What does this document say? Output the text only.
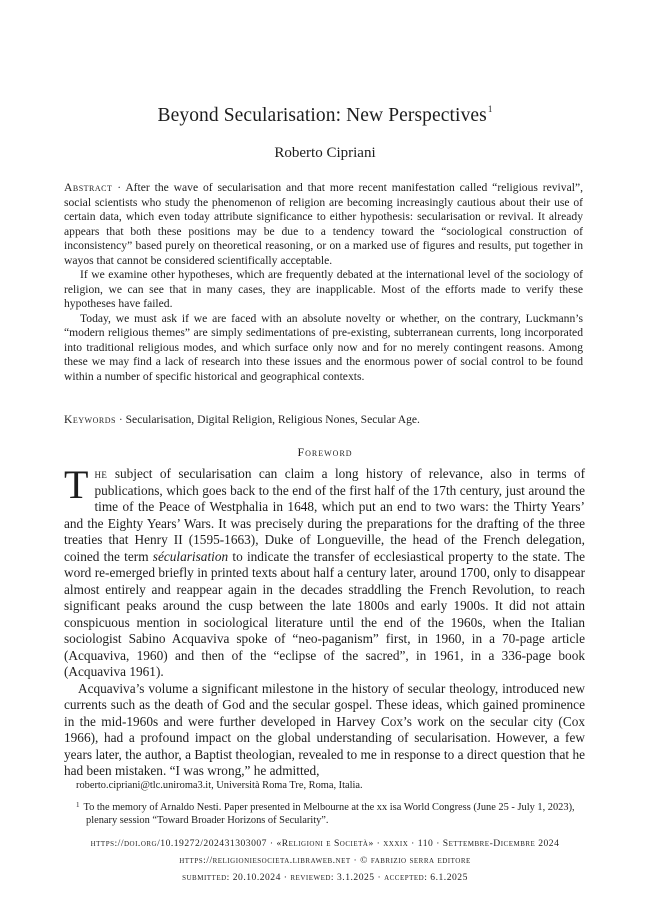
Beyond Secularisation: New Perspectives$^1$
Roberto Cipriani

Abstract · After the wave of secularisation and that more recent manifestation called “religious revival”, social scientists who study the phenomenon of religion are becoming increasingly cautious about their use of certain data, which even today attribute significance to either hypothesis: secularisation or revival. It already appears that both these positions may be due to a tendency toward the “sociological construction of inconsistency” based purely on theoretical reasoning, or on a marked use of figures and results, put together in wayos that cannot be considered scientifically acceptable.

If we examine other hypotheses, which are frequently debated at the international level of the sociology of religion, we can see that in many cases, they are inapplicable. Most of the efforts made to verify these hypotheses have failed.

Today, we must ask if we are faced with an absolute novelty or whether, on the contrary, Luckmann’s “modern religious themes” are simply sedimentations of pre-existing, subterranean currents, long incorporated into traditional religious modes, and which surface only now and for no merely contingent reasons. Among these we may find a lack of research into these issues and the enormous power of social control to be found within a number of specific historical and geographical contexts.

Keywords · Secularisation, Digital Religion, Religious Nones, Secular Age.
Foreword

The subject of secularisation can claim a long history of relevance, also in terms of publications, which goes back to the end of the first half of the 17th century, just around the time of the Peace of Westphalia in 1648, which put an end to two wars: the Thirty Years’ and the Eighty Years’ Wars. It was precisely during the preparations for the drafting of the three treaties that Henry II (1595-1663), Duke of Longueville, the head of the French delegation, coined the term sécularisation to indicate the transfer of ecclesiastical property to the state. The word re-emerged briefly in printed texts about half a century later, around 1700, only to disappear almost entirely and reappear again in the decades straddling the French Revolution, to reach significant peaks around the cusp between the late 1800s and early 1900s. It did not attain conspicuous mention in sociological literature until the end of the 1960s, when the Italian sociologist Sabino Acquaviva spoke of “neo-paganism” first, in 1960, in a 70-page article (Acquaviva, 1960) and then of the “eclipse of the sacred”, in 1961, in a 336-page book (Acquaviva 1961).

Acquaviva’s volume a significant milestone in the history of secular theology, introduced new currents such as the death of God and the secular gospel. These ideas, which gained prominence in the mid-1960s and were further developed in Harvey Cox’s work on the secular city (Cox 1966), had a profound impact on the global understanding of secularisation. However, a few years later, the author, a Baptist theologian, revealed to me in response to a direct question that he had been mistaken. “I was wrong,” he admitted,

roberto.cipriani@tlc.uniroma3.it, Università Roma Tre, Roma, Italia.
$^1$ To the memory of Arnaldo Nesti. Paper presented in Melbourne at the xx isa World Congress (June 25 - July 1, 2023), plenary session “Toward Broader Horizons of Secularity”.
https://doi.org/10.19272/202431303007 · «Religioni e Società» · xxxix · 110 · Settembre-Dicembre 2024
https://religioniesocieta.libraweb.net · © fabrizio serra editore
submitted: 20.10.2024 · reviewed: 3.1.2025 · accepted: 6.1.2025
